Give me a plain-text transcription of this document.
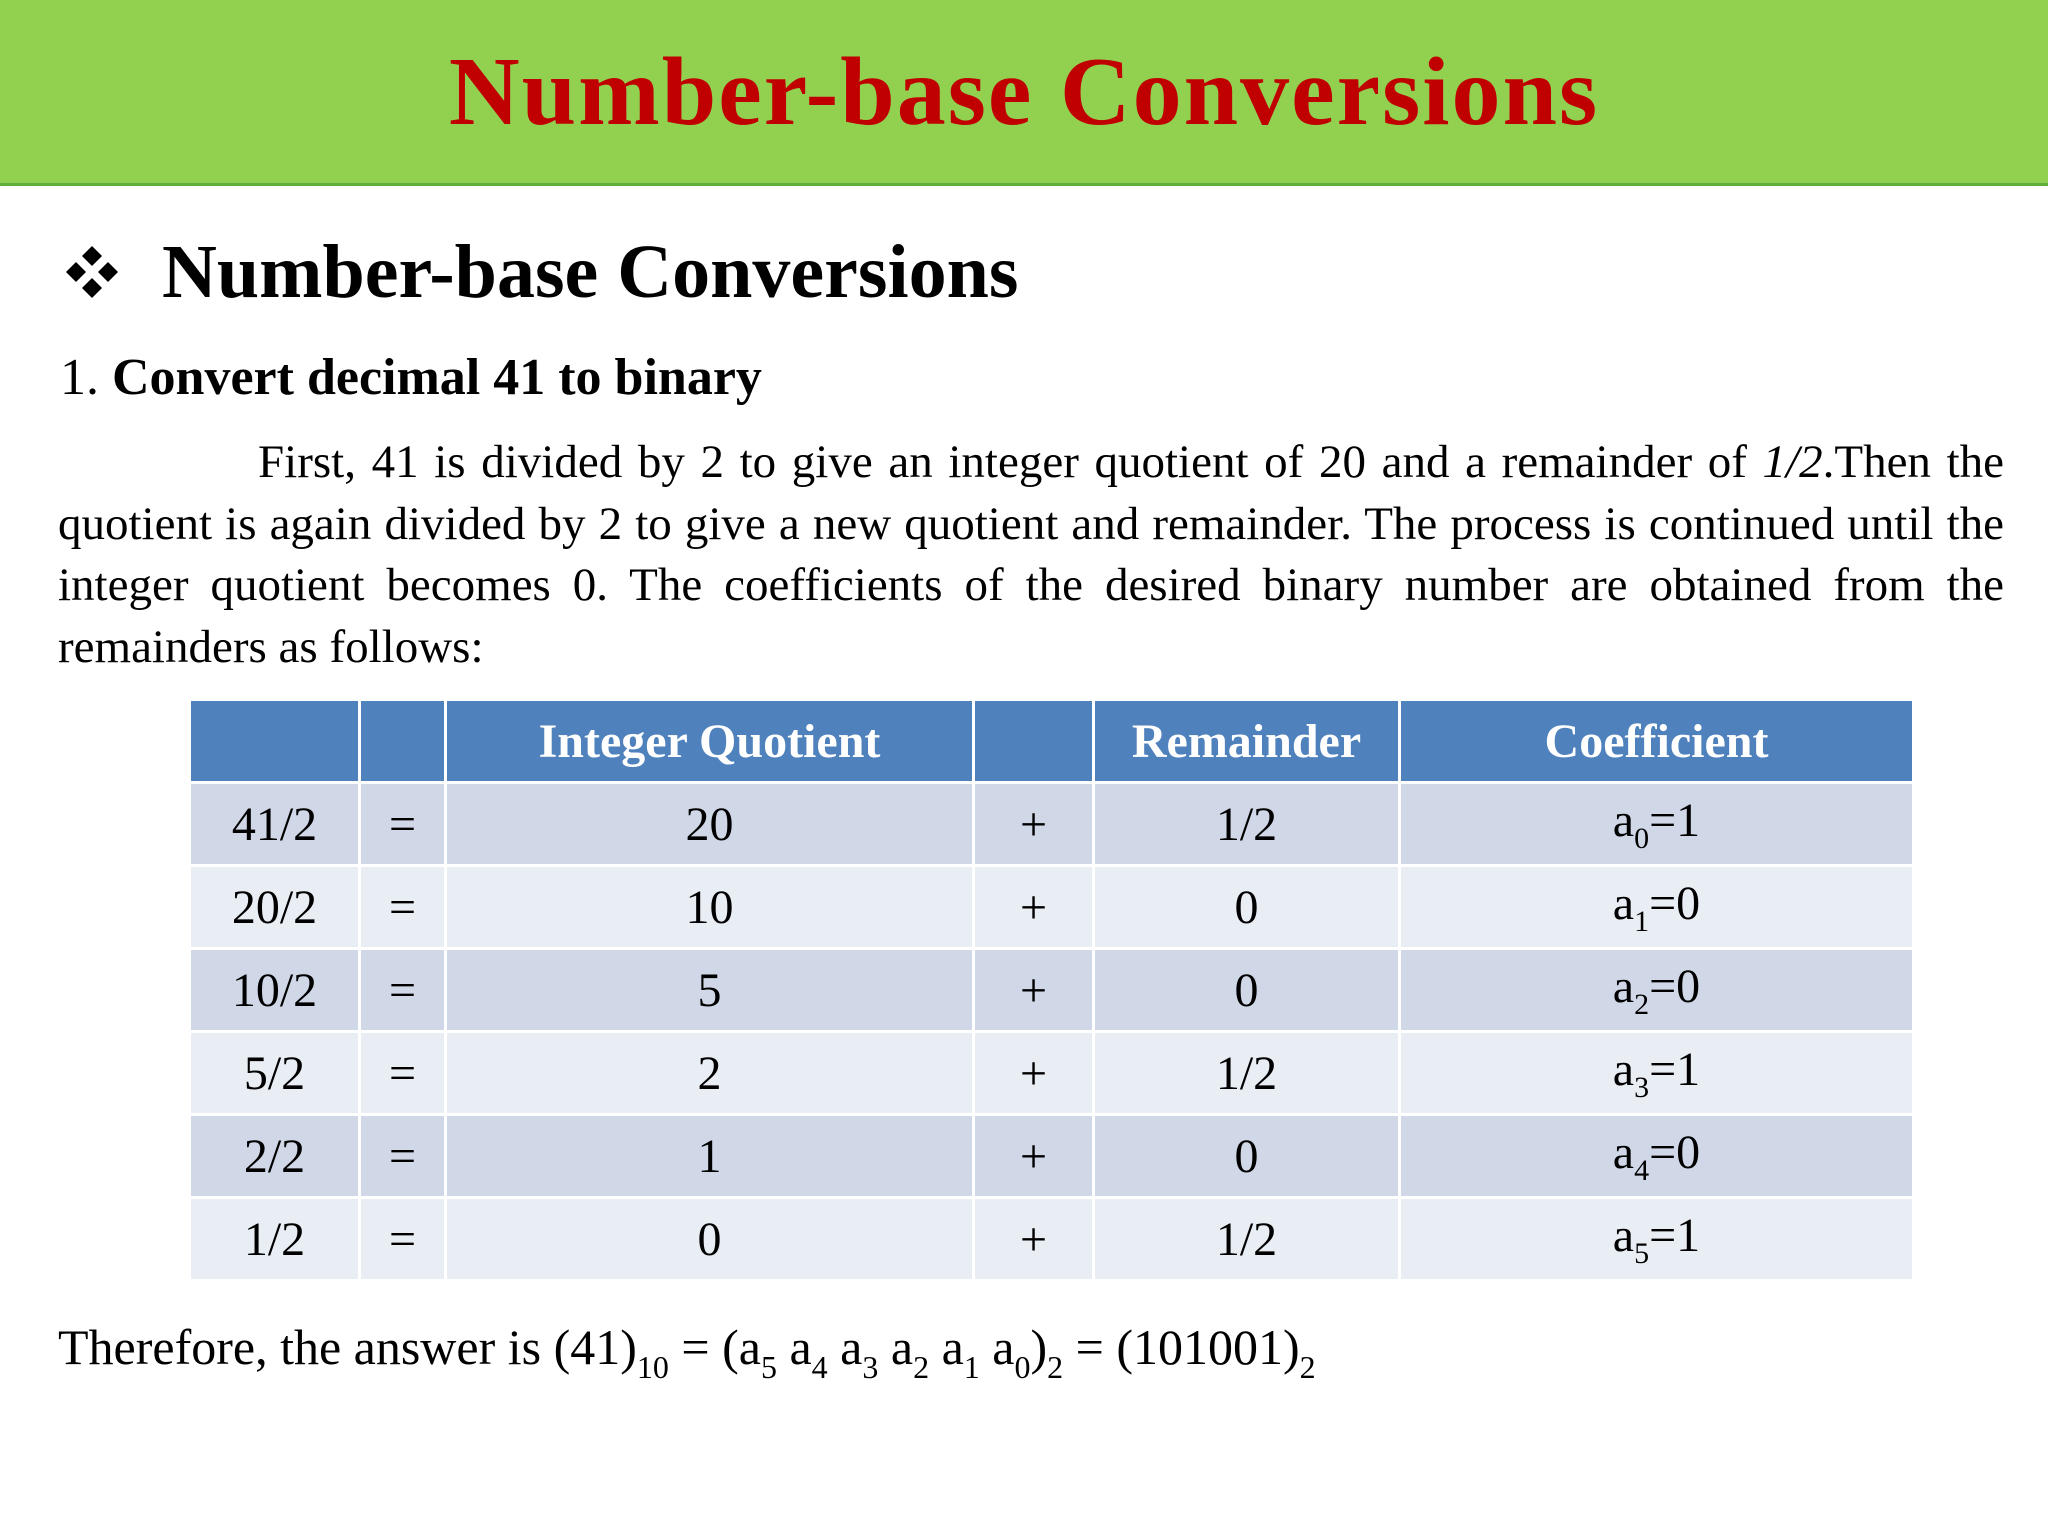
Number-base Conversions
Number-base Conversions
1. Convert decimal 41 to binary
First, 41 is divided by 2 to give an integer quotient of 20 and a remainder of 1/2.Then the quotient is again divided by 2 to give a new quotient and remainder. The process is continued until the integer quotient becomes 0. The coefficients of the desired binary number are obtained from the remainders as follows:
		Integer Quotient		Remainder	Coefficient
41/2	=	20	+	1/2	$a_0=1$
20/2	=	10	+	0	$a_1=0$
10/2	=	5	+	0	$a_2=0$
5/2	=	2	+	1/2	$a_3=1$
2/2	=	1	+	0	$a_4=0$
1/2	=	0	+	1/2	$a_5=1$
Therefore, the answer is $(41)_{10} = (a_5$ $a_4$ $a_3$ $a_2$ $a_1$ $a_0)_2 = (101001)_2$
